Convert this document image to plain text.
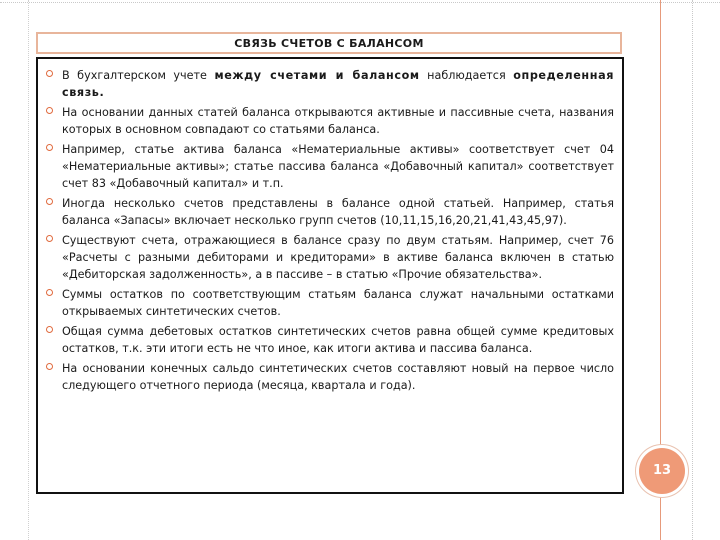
СВЯЗЬ СЧЕТОВ С БАЛАНСОМ
В бухгалтерском учете между счетами и балансом наблюдается определенная связь.
На основании данных статей баланса открываются активные и пассивные счета, названия которых в основном совпадают со статьями баланса.
Например, статье актива баланса «Нематериальные активы» соответствует счет 04 «Нематериальные активы»; статье пассива баланса «Добавочный капитал» соответствует счет 83 «Добавочный капитал» и т.п.
Иногда несколько счетов представлены в балансе одной статьей. Например, статья баланса «Запасы» включает несколько групп счетов (10,11,15,16,20,21,41,43,45,97).
Существуют счета, отражающиеся в балансе сразу по двум статьям. Например, счет 76 «Расчеты с разными дебиторами и кредиторами» в активе баланса включен в статью «Дебиторская задолженность», а в пассиве – в статью «Прочие обязательства».
Суммы остатков по соответствующим статьям баланса служат начальными остатками открываемых синтетических счетов.
Общая сумма дебетовых остатков синтетических счетов равна общей сумме кредитовых остатков, т.к. эти итоги есть не что иное, как итоги актива и пассива баланса.
На основании конечных сальдо синтетических счетов составляют новый на первое число следующего отчетного периода (месяца, квартала и года).
13
